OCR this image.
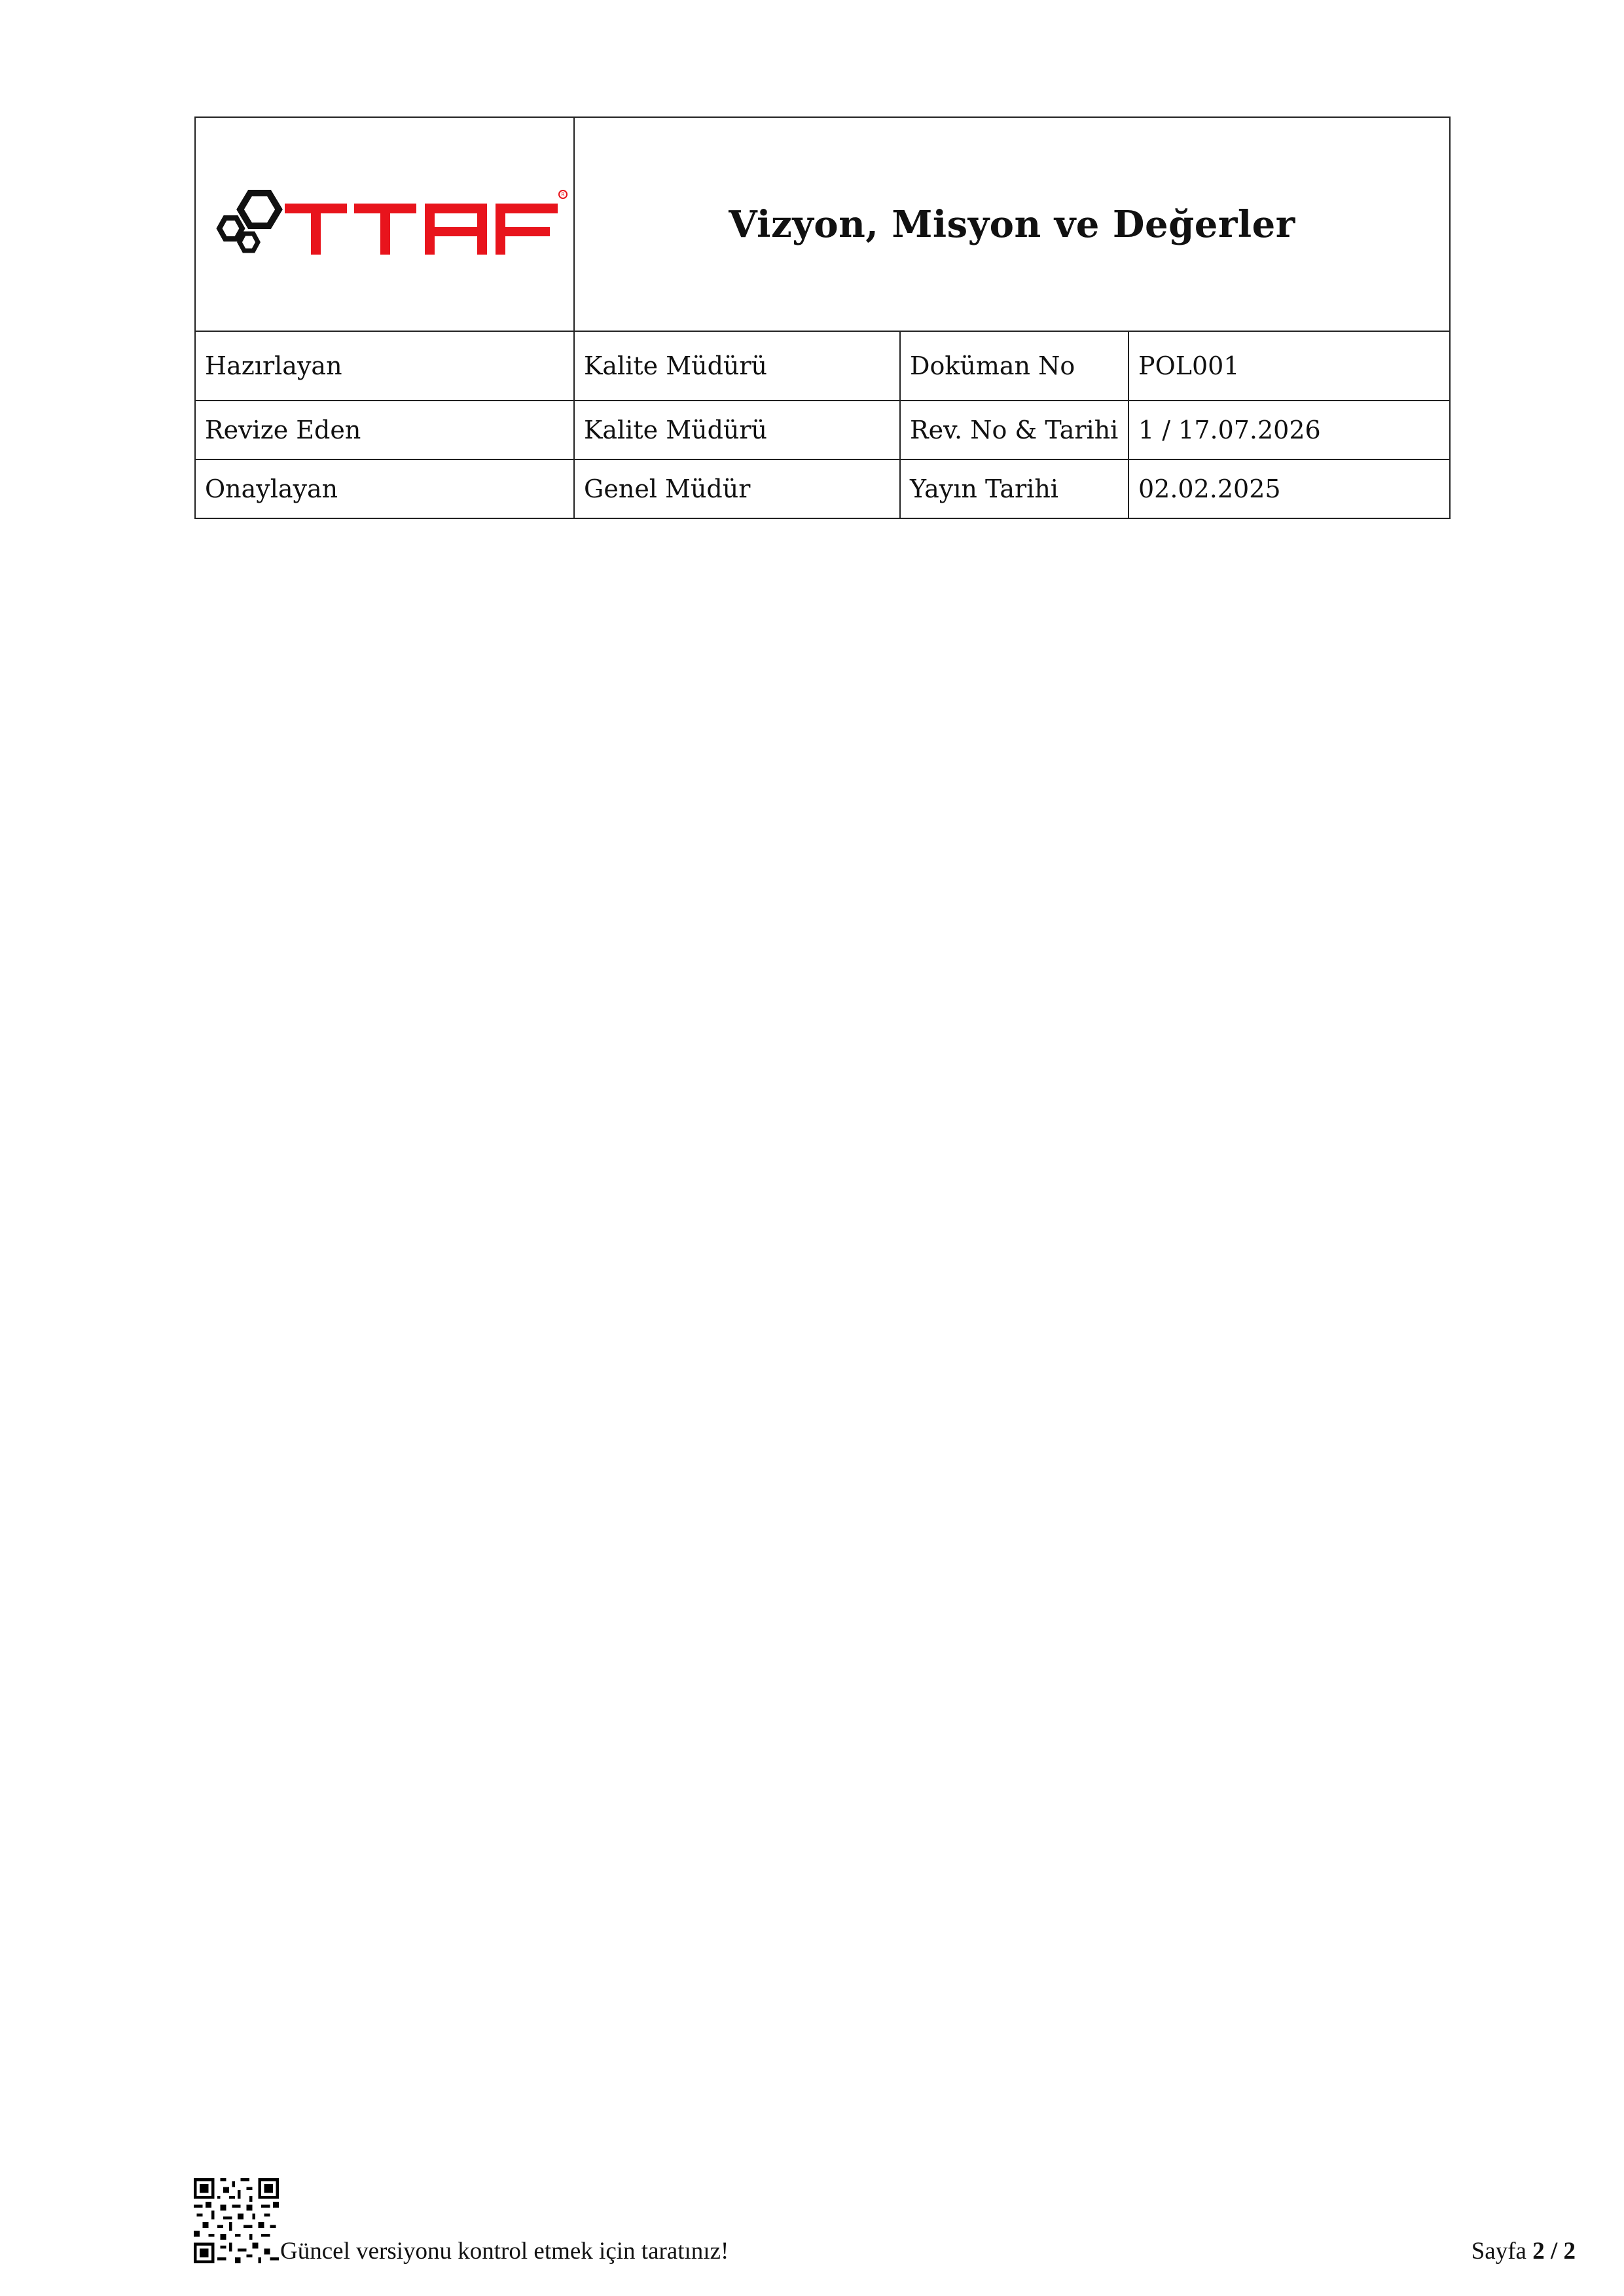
R	Vizyon, Misyon ve Değerler		
Hazırlayan	Kalite Müdürü	Doküman No	POL001
Revize Eden	Kalite Müdürü	Rev. No & Tarihi	1 / 17.07.2026
Onaylayan	Genel Müdür	Yayın Tarihi	02.02.2025
Güncel versiyonu kontrol etmek için taratınız!	Sayfa 2 / 2
